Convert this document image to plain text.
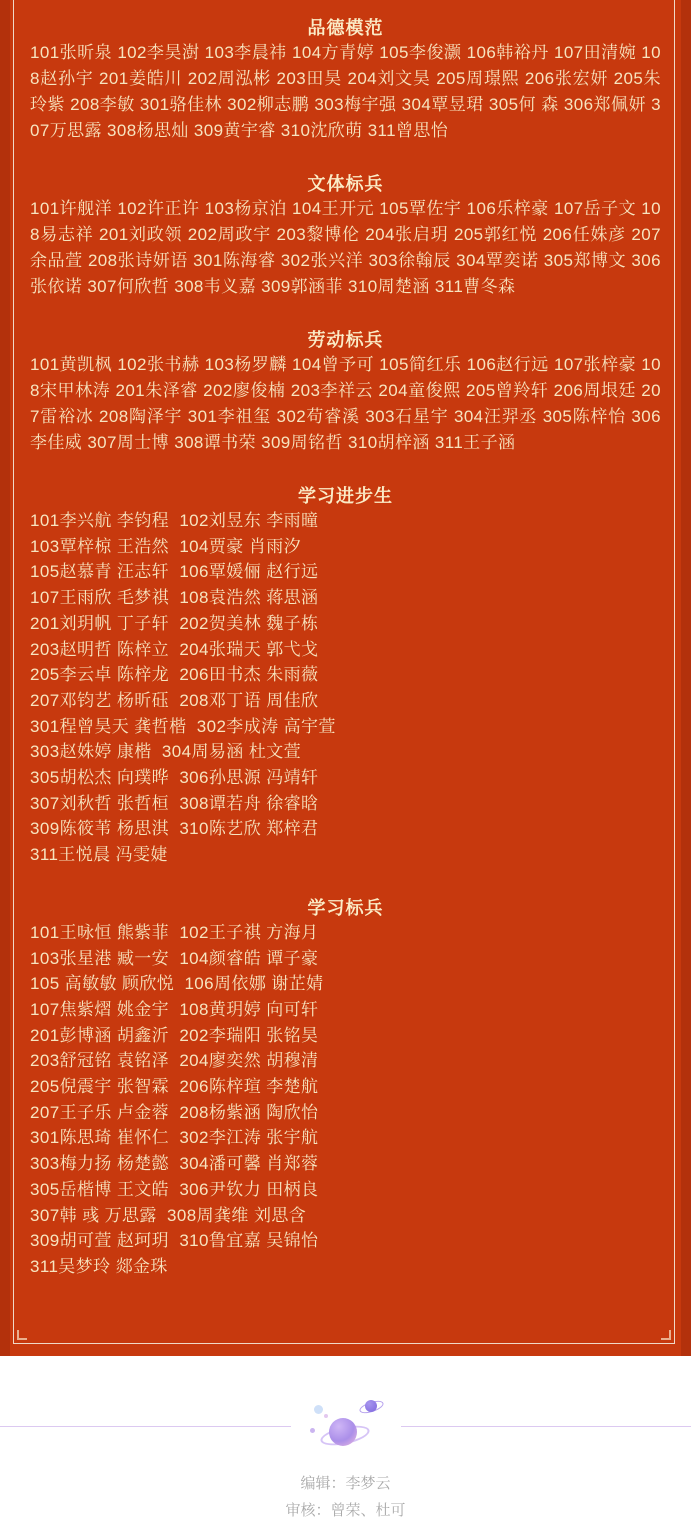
品德模范

101张昕泉 102李昊澍 103李晨祎 104方青婷 105李俊灏 106韩裕丹 107田清婉 108赵孙宇 201姜皓川 202周泓彬 203田昊 204刘文昊 205周璟熙 206张宏妍 205朱玲紫 208李敏 301骆佳林 302柳志鹏 303梅宇强 304覃昱珺 305何 森 306郑佩妍 307万思露 308杨思灿 309黄宇睿 310沈欣萌 311曾思怡

文体标兵

101许舰洋 102许正许 103杨京泊 104王开元 105覃佐宇 106乐梓豪 107岳子文 108易志祥 201刘政领 202周政宇 203黎博伦 204张启玥 205郭红悦 206任姝彦 207余品萱 208张诗妍语 301陈海睿 302张兴洋 303徐翰辰 304覃奕诺 305郑博文 306张依诺 307何欣哲 308韦义嘉 309郭涵菲 310周楚涵 311曹冬森

劳动标兵

101黄凯枫 102张书赫 103杨罗麟 104曾予可 105简红乐 106赵行远 107张梓豪 108宋甲林涛 201朱泽睿 202廖俊楠 203李祥云 204童俊熙 205曾羚轩 206周垠廷 207雷裕冰 208陶泽宇 301李祖玺 302苟睿溪 303石星宇 304汪羿丞 305陈梓怡 306李佳威 307周士博 308谭书荣 309周铭哲 310胡梓涵 311王子涵

学习进步生
101李兴航 李钧程  102刘昱东 李雨曈
103覃梓椋 王浩然  104贾豪 肖雨汐
105赵慕青 汪志轩  106覃媛俪 赵行远
107王雨欣 毛梦祺  108袁浩然 蒋思涵
201刘玥帆 丁子轩  202贺美林 魏子栋
203赵明哲 陈梓立  204张瑞天 郭弋戈
205李云卓 陈梓龙  206田书杰 朱雨薇
207邓钧艺 杨昕砡  208邓丁语 周佳欣
301程曾昊天 龚哲楷  302李成涛 高宇萱
303赵姝婷 康楷  304周易涵 杜文萱
305胡松杰 向璞晔  306孙思源 冯靖轩
307刘秋哲 张哲桓  308谭若舟 徐睿晗
309陈筱苇 杨思淇  310陈艺欣 郑梓君
311王悦晨 冯雯婕
学习标兵
101王咏恒 熊紫菲  102王子祺 方海月
103张星港 臧一安  104颜睿皓 谭子豪
105 高敏敏 顾欣悦  106周依娜 谢芷婧
107焦紫熠 姚金宇  108黄玥婷 向可轩
201彭博涵 胡鑫沂  202李瑞阳 张铭昊
203舒冠铭 袁铭泽  204廖奕然 胡穆清
205倪震宇 张智霖  206陈梓瑄 李楚航
207王子乐 卢金蓉  208杨紫涵 陶欣怡
301陈思琦 崔怀仁  302李江涛 张宇航
303梅力扬 杨楚懿  304潘可馨 肖郑蓉
305岳楷博 王文皓  306尹钦力 田柄良
307韩 彧 万思露  308周龚维 刘思含
309胡可萱 赵珂玥  310鲁宜嘉 吴锦怡
311吴梦玲 郯金珠
编辑：李梦云
审核：曾荣、杜可
